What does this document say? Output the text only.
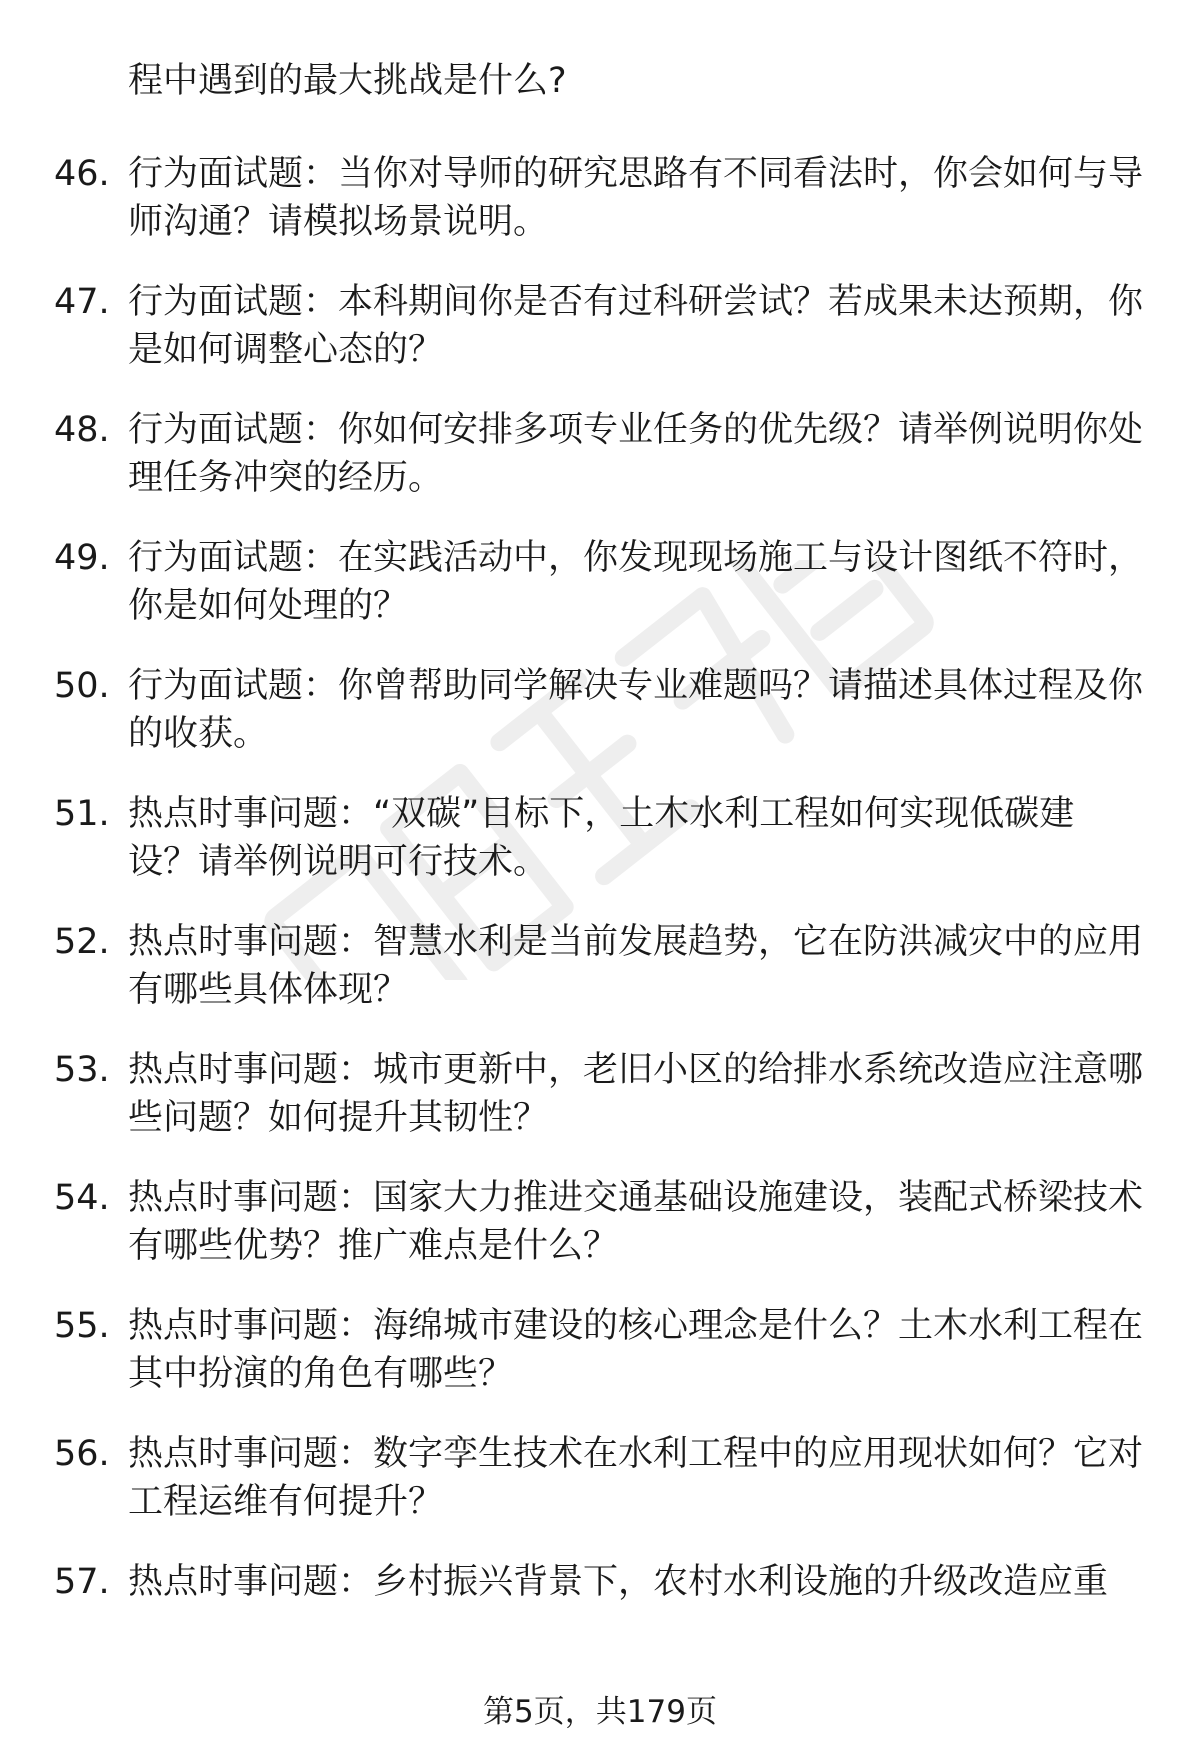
程中遇到的最大挑战是什么?
46. 行为面试题：当你对导师的研究思路有不同看法时，你会如何与导师沟通？请模拟场景说明。
47. 行为面试题：本科期间你是否有过科研尝试？若成果未达预期，你是如何调整心态的？
48. 行为面试题：你如何安排多项专业任务的优先级？请举例说明你处理任务冲突的经历。
49. 行为面试题：在实践活动中，你发现现场施工与设计图纸不符时，你是如何处理的？
50. 行为面试题：你曾帮助同学解决专业难题吗？请描述具体过程及你的收获。
51. 热点时事问题：“双碳”目标下，土木水利工程如何实现低碳建设？请举例说明可行技术。
52. 热点时事问题：智慧水利是当前发展趋势，它在防洪减灾中的应用有哪些具体体现？
53. 热点时事问题：城市更新中，老旧小区的给排水系统改造应注意哪些问题？如何提升其韧性？
54. 热点时事问题：国家大力推进交通基础设施建设，装配式桥梁技术有哪些优势？推广难点是什么？
55. 热点时事问题：海绵城市建设的核心理念是什么？土木水利工程在其中扮演的角色有哪些？
56. 热点时事问题：数字孪生技术在水利工程中的应用现状如何？它对工程运维有何提升？
57. 热点时事问题：乡村振兴背景下，农村水利设施的升级改造应重
第5页，共179页
